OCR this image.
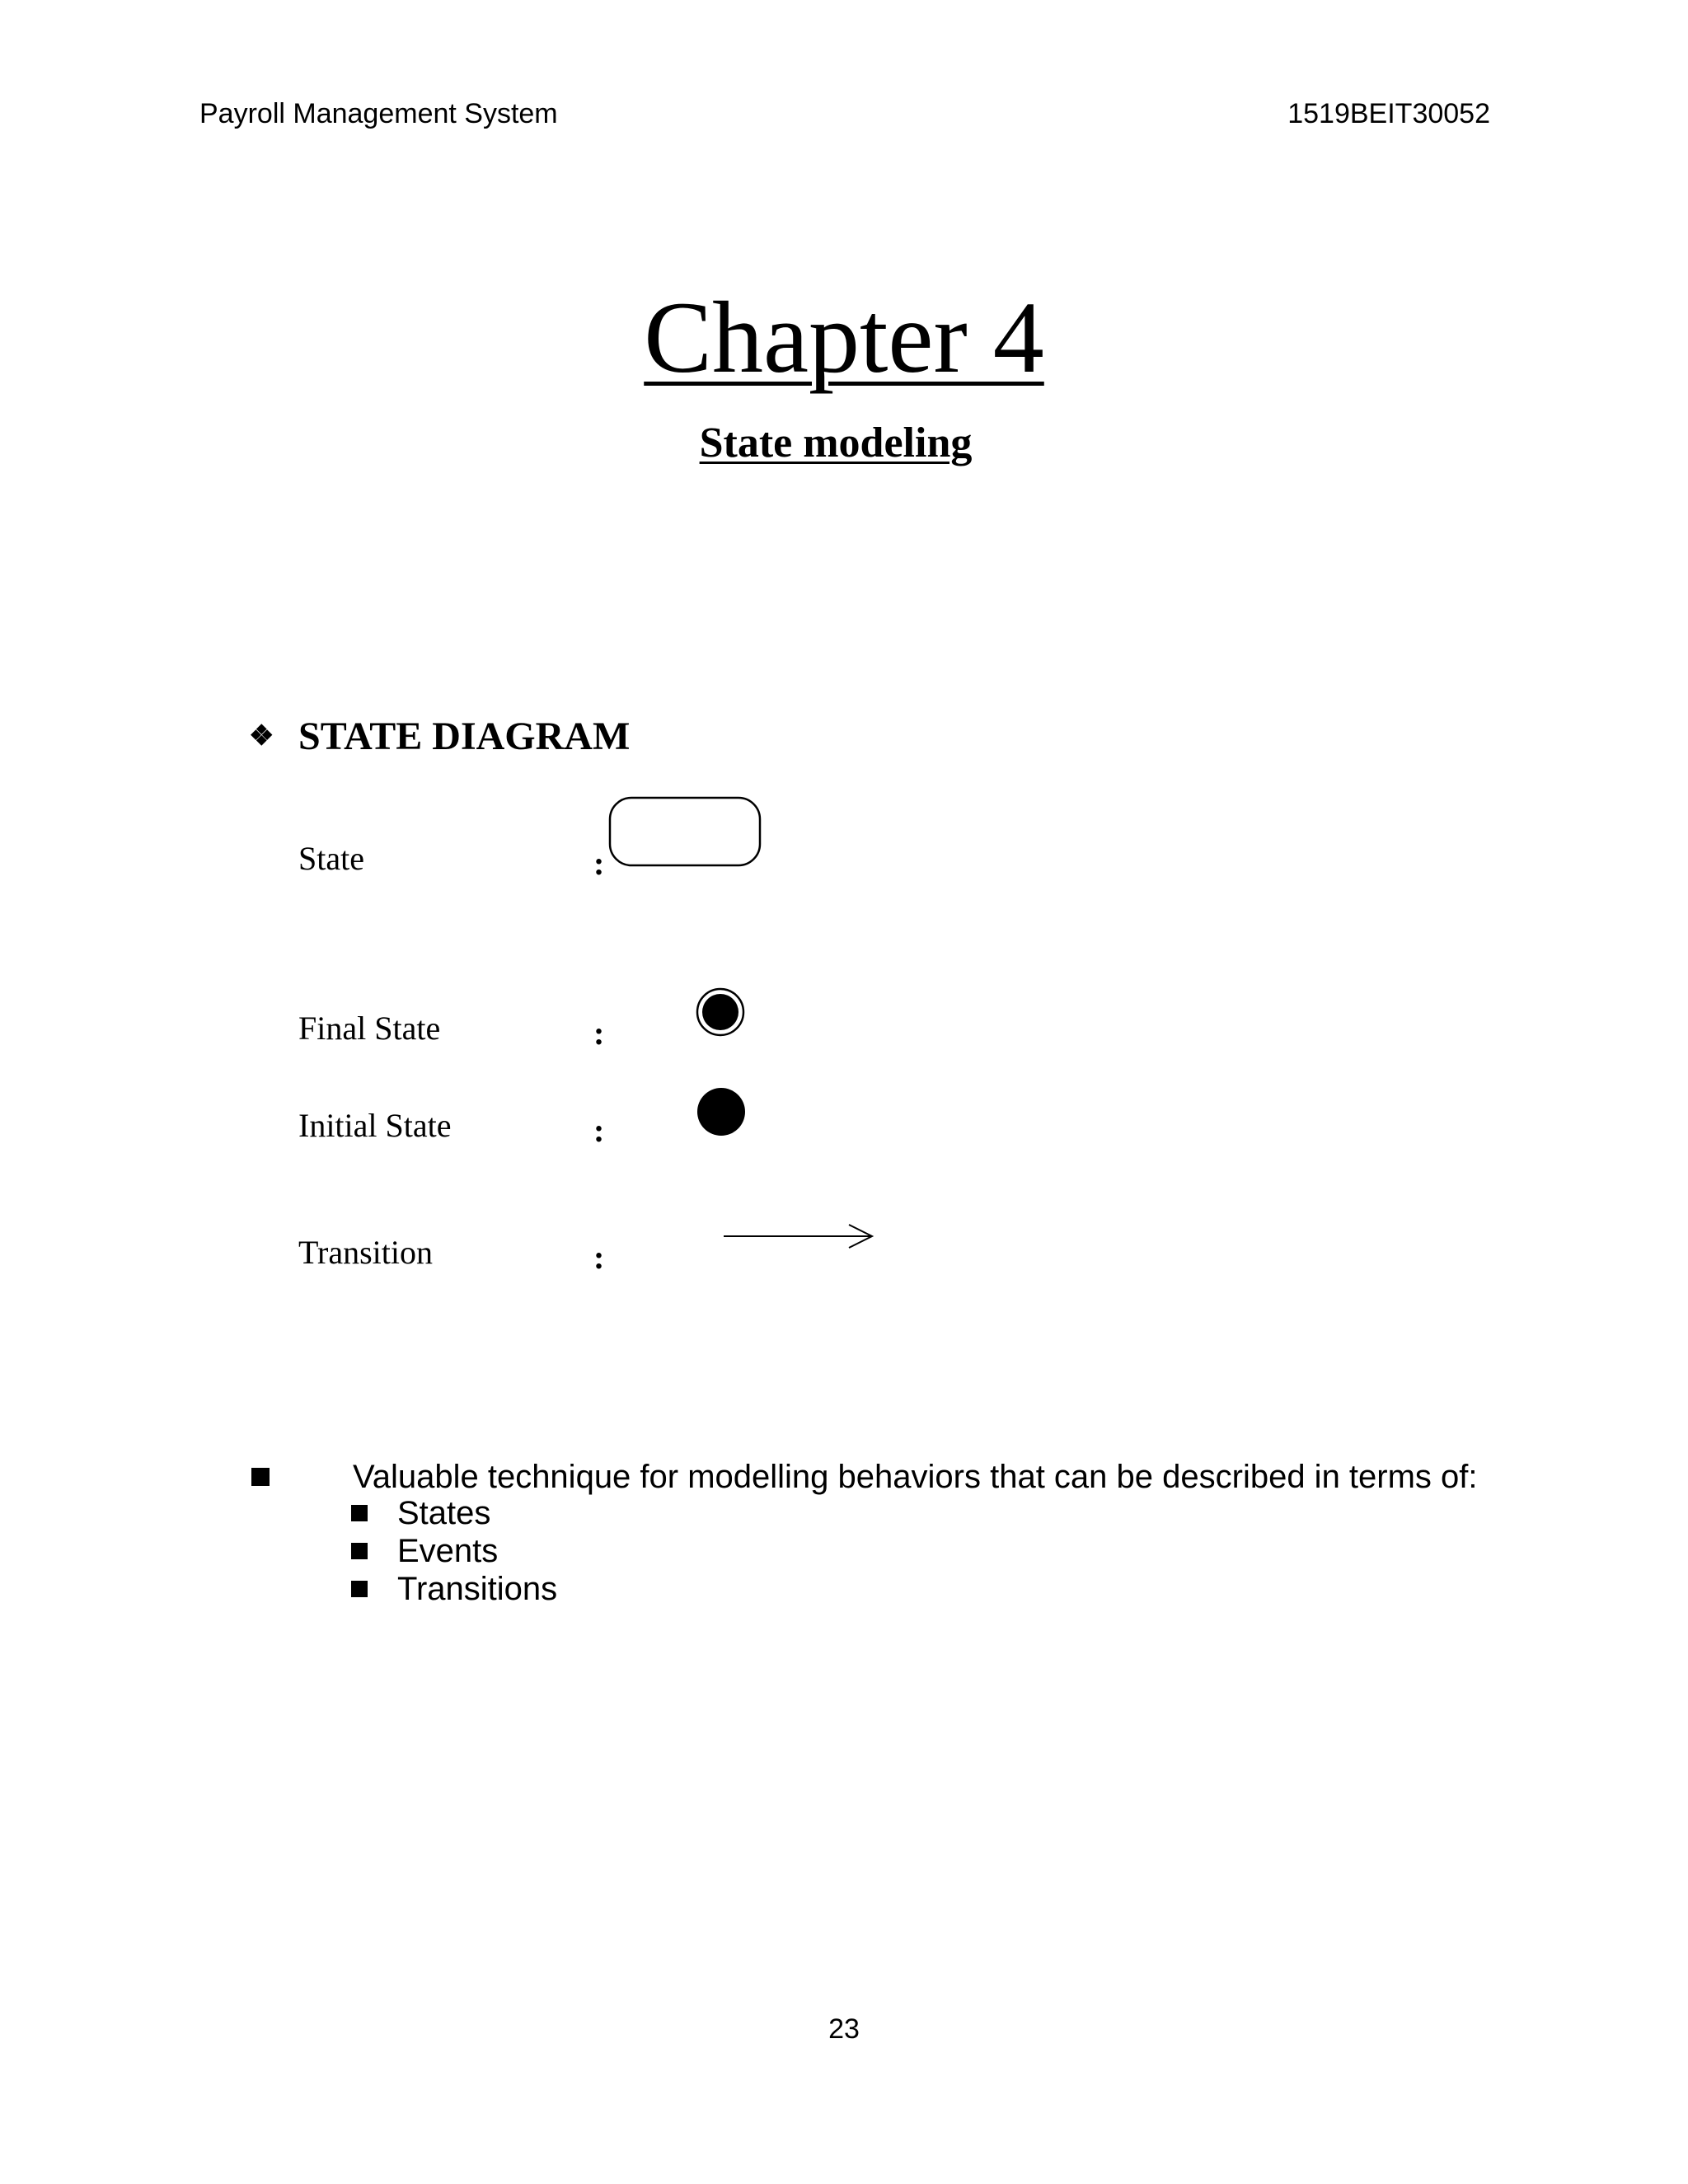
Payroll Management System	1519BEIT30052
Chapter 4
State modeling
❖ STATE DIAGRAM
State	:
Final State	:
Initial State	:
Transition	:
Valuable technique for modelling behaviors that can be described in terms of:
States
Events
Transitions
23
